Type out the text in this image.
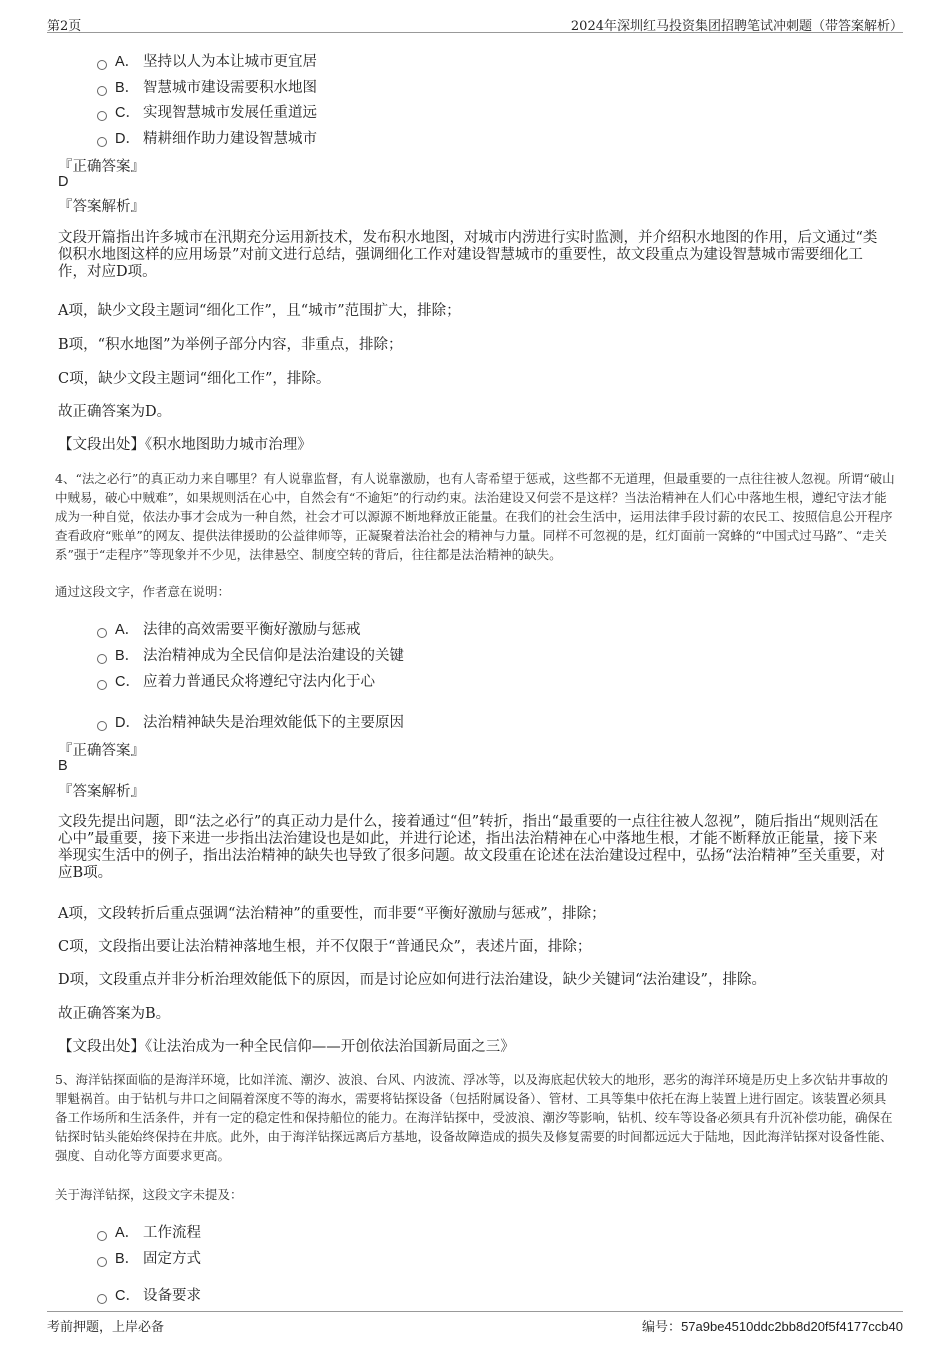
第2页	2024年深圳红马投资集团招聘笔试冲刺题（带答案解析）
A． 坚持以人为本让城市更宜居
B． 智慧城市建设需要积水地图
C． 实现智慧城市发展任重道远
D． 精耕细作助力建设智慧城市
『正确答案』
D
『答案解析』
文段开篇指出许多城市在汛期充分运用新技术，发布积水地图，对城市内涝进行实时监测，并介绍积水地图的作用，后文通过“类似积水地图这样的应用场景”对前文进行总结，强调细化工作对建设智慧城市的重要性，故文段重点为建设智慧城市需要细化工作，对应D项。
A项，缺少文段主题词“细化工作”，且“城市”范围扩大，排除；
B项，“积水地图”为举例子部分内容，非重点，排除；
C项，缺少文段主题词“细化工作”，排除。
故正确答案为D。
【文段出处】《积水地图助力城市治理》
4、“法之必行”的真正动力来自哪里？有人说靠监督，有人说靠激励，也有人寄希望于惩戒，这些都不无道理，但最重要的一点往往被人忽视。所谓“破山中贼易，破心中贼难”，如果规则活在心中，自然会有“不逾矩”的行动约束。法治建设又何尝不是这样？当法治精神在人们心中落地生根，遵纪守法才能成为一种自觉，依法办事才会成为一种自然，社会才可以源源不断地释放正能量。在我们的社会生活中，运用法律手段讨薪的农民工、按照信息公开程序查看政府“账单”的网友、提供法律援助的公益律师等，正凝聚着法治社会的精神与力量。同样不可忽视的是，红灯面前一窝蜂的“中国式过马路”、“走关系”强于“走程序”等现象并不少见，法律悬空、制度空转的背后，往往都是法治精神的缺失。
通过这段文字，作者意在说明：
A． 法律的高效需要平衡好激励与惩戒
B． 法治精神成为全民信仰是法治建设的关键
C． 应着力普通民众将遵纪守法内化于心
D． 法治精神缺失是治理效能低下的主要原因
『正确答案』
B
『答案解析』
文段先提出问题，即“法之必行”的真正动力是什么，接着通过“但”转折，指出“最重要的一点往往被人忽视”，随后指出“规则活在心中”最重要，接下来进一步指出法治建设也是如此，并进行论述，指出法治精神在心中落地生根，才能不断释放正能量，接下来举现实生活中的例子，指出法治精神的缺失也导致了很多问题。故文段重在论述在法治建设过程中，弘扬“法治精神”至关重要，对应B项。
A项，文段转折后重点强调“法治精神”的重要性，而非要“平衡好激励与惩戒”，排除；
C项，文段指出要让法治精神落地生根，并不仅限于“普通民众”，表述片面，排除；
D项，文段重点并非分析治理效能低下的原因，而是讨论应如何进行法治建设，缺少关键词“法治建设”，排除。
故正确答案为B。
【文段出处】《让法治成为一种全民信仰——开创依法治国新局面之三》
5、海洋钻探面临的是海洋环境，比如洋流、潮汐、波浪、台风、内波流、浮冰等，以及海底起伏较大的地形，恶劣的海洋环境是历史上多次钻井事故的罪魁祸首。由于钻机与井口之间隔着深度不等的海水，需要将钻探设备（包括附属设备）、管材、工具等集中依托在海上装置上进行固定。该装置必须具备工作场所和生活条件，并有一定的稳定性和保持船位的能力。在海洋钻探中，受波浪、潮汐等影响，钻机、绞车等设备必须具有升沉补偿功能，确保在钻探时钻头能始终保持在井底。此外，由于海洋钻探远离后方基地，设备故障造成的损失及修复需要的时间都远远大于陆地，因此海洋钻探对设备性能、强度、自动化等方面要求更高。
关于海洋钻探，这段文字未提及：
A． 工作流程
B． 固定方式
C． 设备要求
考前押题，上岸必备	编号：57a9be4510ddc2bb8d20f5f4177ccb40
